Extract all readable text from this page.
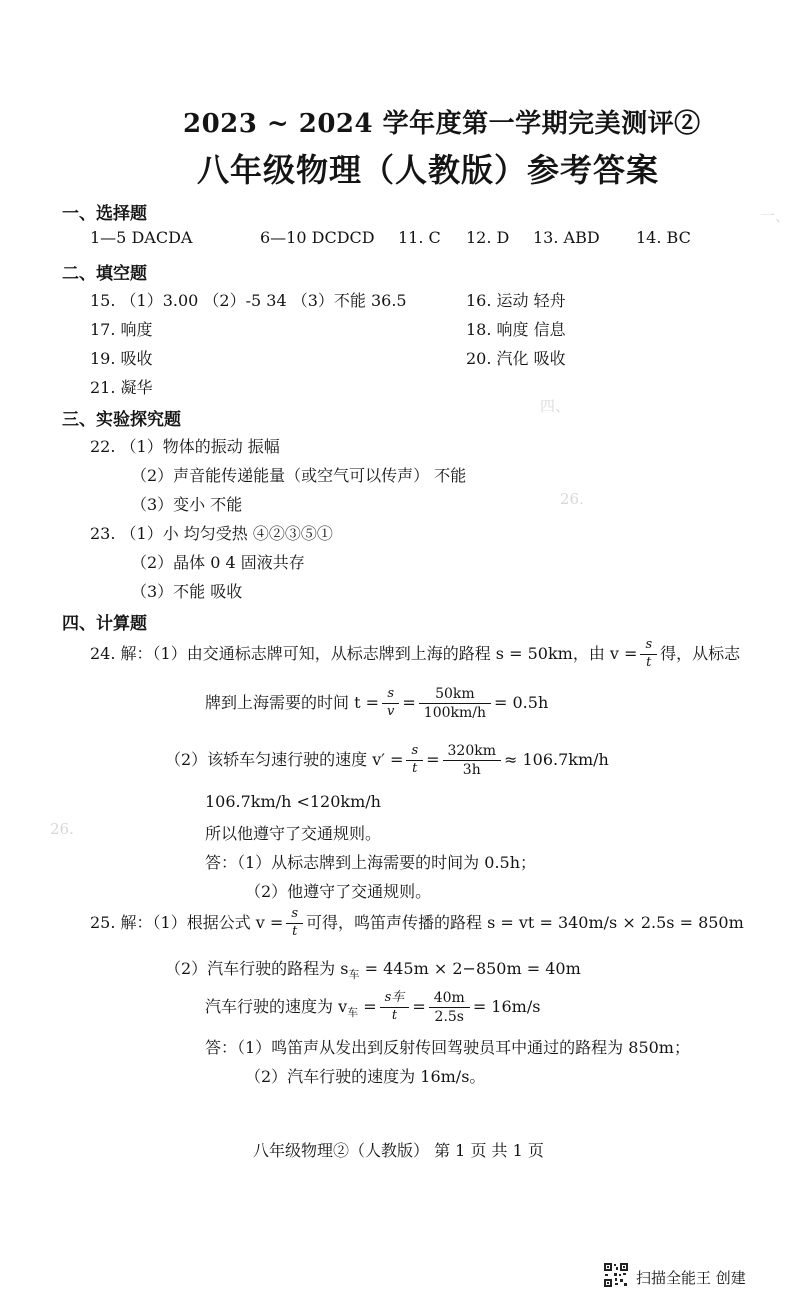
一、
四、
26.
26.
2023 ~ 2024 学年度第一学期完美测评②
八年级物理（人教版）参考答案
一、选择题
1—5 DACDA	6—10 DCDCD 11. C 12. D 13. ABD 14. BC
二、填空题
15. （1）3.00 （2）-5 34 （3）不能 36.5	16. 运动 轻舟
17. 响度	18. 响度 信息
19. 吸收	20. 汽化 吸收
21. 凝华
三、实验探究题
22. （1）物体的振动 振幅
（2）声音能传递能量（或空气可以传声） 不能
（3）变小 不能
23. （1）小 均匀受热 ④②③⑤①
（2）晶体 0 4 固液共存
（3）不能 吸收
四、计算题
24. 解：（1）由交通标志牌可知，从标志牌到上海的路程 s = 50km，由 $v = \frac{s}{t}$ 得，从标志
牌到上海需要的时间 $t = \frac{s}{v} = \frac{50km}{100km/h} = 0.5h$
（2）该轿车匀速行驶的速度 $v' = \frac{s}{t} = \frac{320km}{3h} \approx 106.7km/h$
106.7km/h <120km/h
所以他遵守了交通规则。
答：（1）从标志牌到上海需要的时间为 0.5h；
（2）他遵守了交通规则。
25. 解：（1）根据公式 $v = \frac{s}{t}$ 可得，鸣笛声传播的路程 s = vt = 340m/s × 2.5s = 850m
（2）汽车行驶的路程为 $s_车 = 445m \times 2-850m = 40m$
汽车行驶的速度为 $v_车 = \frac{\text{s车}}{t} = \frac{40m}{2.5s} = 16m/s$
答：（1）鸣笛声从发出到反射传回驾驶员耳中通过的路程为 850m；
（2）汽车行驶的速度为 16m/s。
八年级物理②（人教版） 第 1 页 共 1 页
扫描全能王 创建
